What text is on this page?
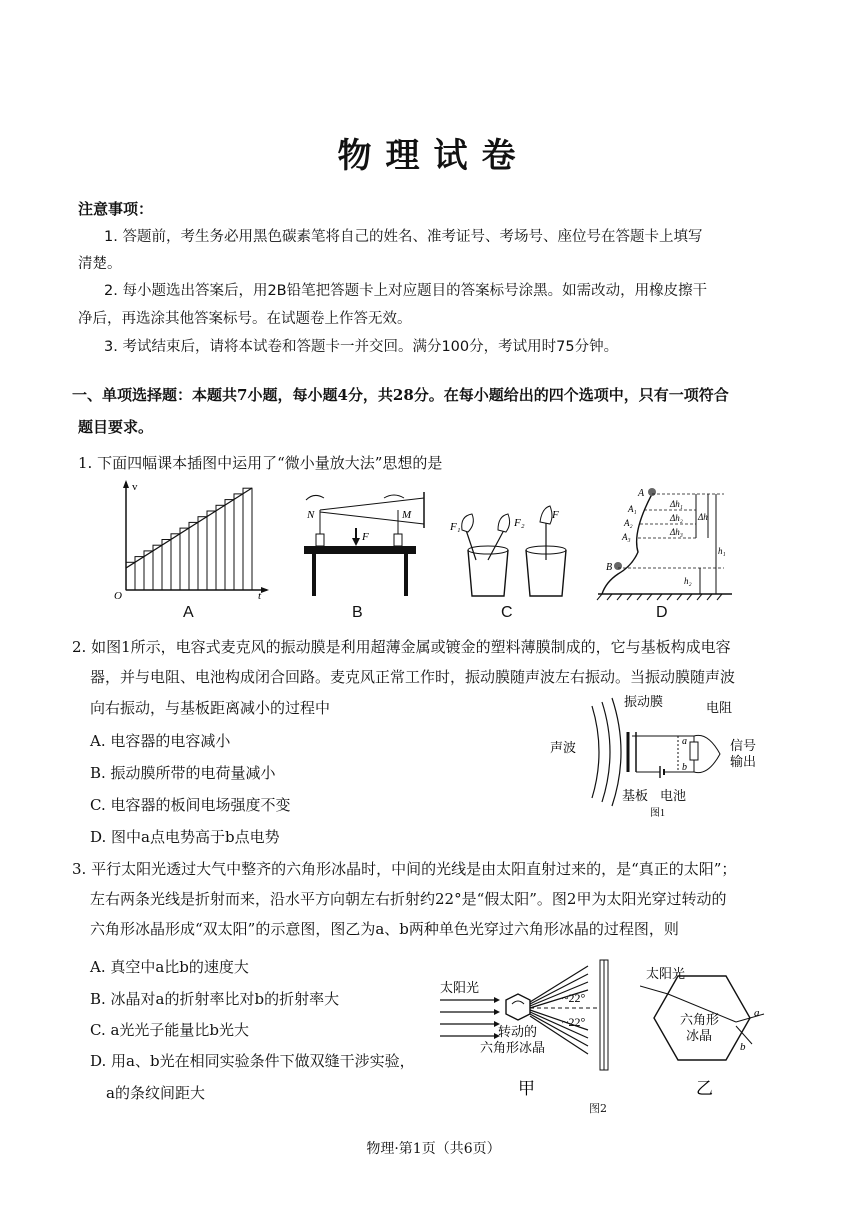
物理试卷
注意事项：
1. 答题前，考生务必用黑色碳素笔将自己的姓名、准考证号、考场号、座位号在答题卡上填写
清楚。
2. 每小题选出答案后，用2B铅笔把答题卡上对应题目的答案标号涂黑。如需改动，用橡皮擦干
净后，再选涂其他答案标号。在试题卷上作答无效。
3. 考试结束后，请将本试卷和答题卡一并交回。满分100分，考试用时75分钟。
一、单项选择题：本题共7小题，每小题4分，共28分。在每小题给出的四个选项中，只有一项符合
题目要求。
1. 下面四幅课本插图中运用了“微小量放大法”思想的是
v
t
O
A
N	M
F
B
F₁	F₂
F
C
A
A₁
A₂
A₃
B
Δh₁
Δh₂
Δh₃
Δh
h₁
h₂
D
2. 如图1所示，电容式麦克风的振动膜是利用超薄金属或镀金的塑料薄膜制成的，它与基板构成电容
器，并与电阻、电池构成闭合回路。麦克风正常工作时，振动膜随声波左右振动。当振动膜随声波
向右振动，与基板距离减小的过程中
A. 电容器的电容减小
B. 振动膜所带的电荷量减小
C. 电容器的板间电场强度不变
D. 图中a点电势高于b点电势
振动膜	电阻
声波	信号
输出
基板 电池
a
b
图1
3. 平行太阳光透过大气中整齐的六角形冰晶时，中间的光线是由太阳直射过来的，是“真正的太阳”；
左右两条光线是折射而来，沿水平方向朝左右折射约22°是“假太阳”。图2甲为太阳光穿过转动的
六角形冰晶形成“双太阳”的示意图，图乙为a、b两种单色光穿过六角形冰晶的过程图，则
A. 真空中a比b的速度大
B. 冰晶对a的折射率比对b的折射率大
C. a光光子能量比b光大
D. 用a、b光在相同实验条件下做双缝干涉实验，
a的条纹间距大
太阳光
~22°
~22°
转动的
六角形冰晶
甲
图2
太阳光
六角形
冰晶
a
b
乙
物理·第1页（共6页）
